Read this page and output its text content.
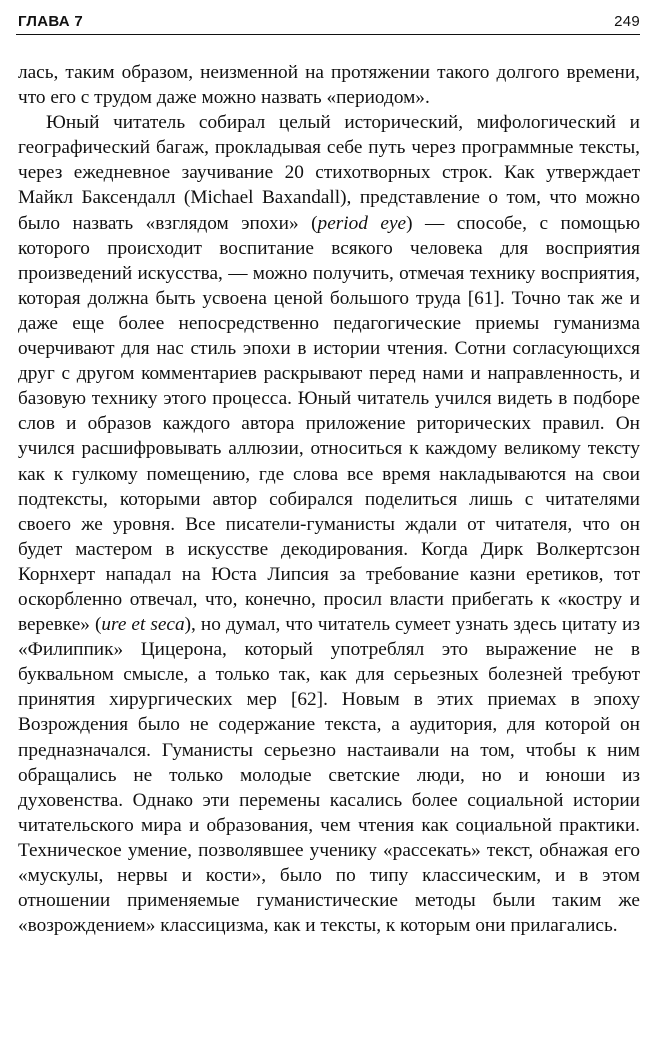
ГЛАВА 7	249

лась, таким образом, неизменной на протяжении такого долгого времени, что его с трудом даже можно назвать «периодом».

Юный читатель собирал целый исторический, мифологический и географический багаж, прокладывая себе путь через программные тексты, через ежедневное заучивание 20 стихотворных строк. Как утверждает Майкл Баксендалл (Michael Baxandall), представление о том, что можно было назвать «взглядом эпохи» (period eye) — способе, с помощью которого происходит воспитание всякого человека для восприятия произведений искусства, — можно получить, отмечая технику восприятия, которая должна быть усвоена ценой большого труда [61]. Точно так же и даже еще более непосредственно педагогические приемы гуманизма очерчивают для нас стиль эпохи в истории чтения. Сотни согласующихся друг с другом комментариев раскрывают перед нами и направленность, и базовую технику этого процесса. Юный читатель учился видеть в подборе слов и образов каждого автора приложение риторических правил. Он учился расшифровывать аллюзии, относиться к каждому великому тексту как к гулкому помещению, где слова все время накладываются на свои подтексты, которыми автор собирался поделиться лишь с читателями своего же уровня. Все писатели-гуманисты ждали от читателя, что он будет мастером в искусстве декодирования. Когда Дирк Волкертсзон Корнхерт нападал на Юста Липсия за требование казни еретиков, тот оскорбленно отвечал, что, конечно, просил власти прибегать к «костру и веревке» (ure et seca), но думал, что читатель сумеет узнать здесь цитату из «Филиппик» Цицерона, который употреблял это выражение не в буквальном смысле, а только так, как для серьезных болезней требуют принятия хирургических мер [62]. Новым в этих приемах в эпоху Возрождения было не содержание текста, а аудитория, для которой он предназначался. Гуманисты серьезно настаивали на том, чтобы к ним обращались не только молодые светские люди, но и юноши из духовенства. Однако эти перемены касались более социальной истории читательского мира и образования, чем чтения как социальной практики. Техническое умение, позволявшее ученику «рассекать» текст, обнажая его «мускулы, нервы и кости», было по типу классическим, и в этом отношении применяемые гуманистические методы были таким же «возрождением» классицизма, как и тексты, к которым они прилагались.
